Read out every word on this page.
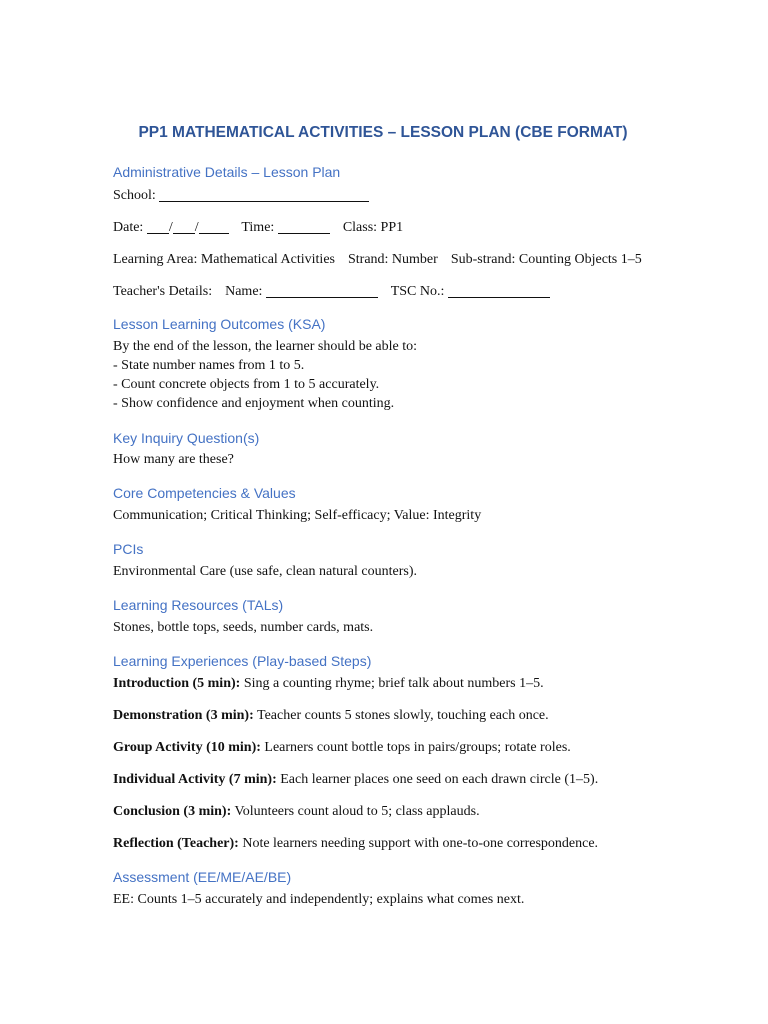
PP1 MATHEMATICAL ACTIVITIES – LESSON PLAN (CBE FORMAT)
Administrative Details – Lesson Plan
School:
Date: / /	Time:	Class: PP1
Learning Area: Mathematical Activities Strand: Number Sub-strand: Counting Objects 1–5
Teacher's Details: Name:	TSC No.:
Lesson Learning Outcomes (KSA)
By the end of the lesson, the learner should be able to:
- State number names from 1 to 5.
- Count concrete objects from 1 to 5 accurately.
- Show confidence and enjoyment when counting.
Key Inquiry Question(s)
How many are these?
Core Competencies & Values
Communication; Critical Thinking; Self-efficacy; Value: Integrity
PCIs
Environmental Care (use safe, clean natural counters).
Learning Resources (TALs)
Stones, bottle tops, seeds, number cards, mats.
Learning Experiences (Play-based Steps)
Introduction (5 min): Sing a counting rhyme; brief talk about numbers 1–5.
Demonstration (3 min): Teacher counts 5 stones slowly, touching each once.
Group Activity (10 min): Learners count bottle tops in pairs/groups; rotate roles.
Individual Activity (7 min): Each learner places one seed on each drawn circle (1–5).
Conclusion (3 min): Volunteers count aloud to 5; class applauds.
Reflection (Teacher): Note learners needing support with one-to-one correspondence.
Assessment (EE/ME/AE/BE)
EE: Counts 1–5 accurately and independently; explains what comes next.
